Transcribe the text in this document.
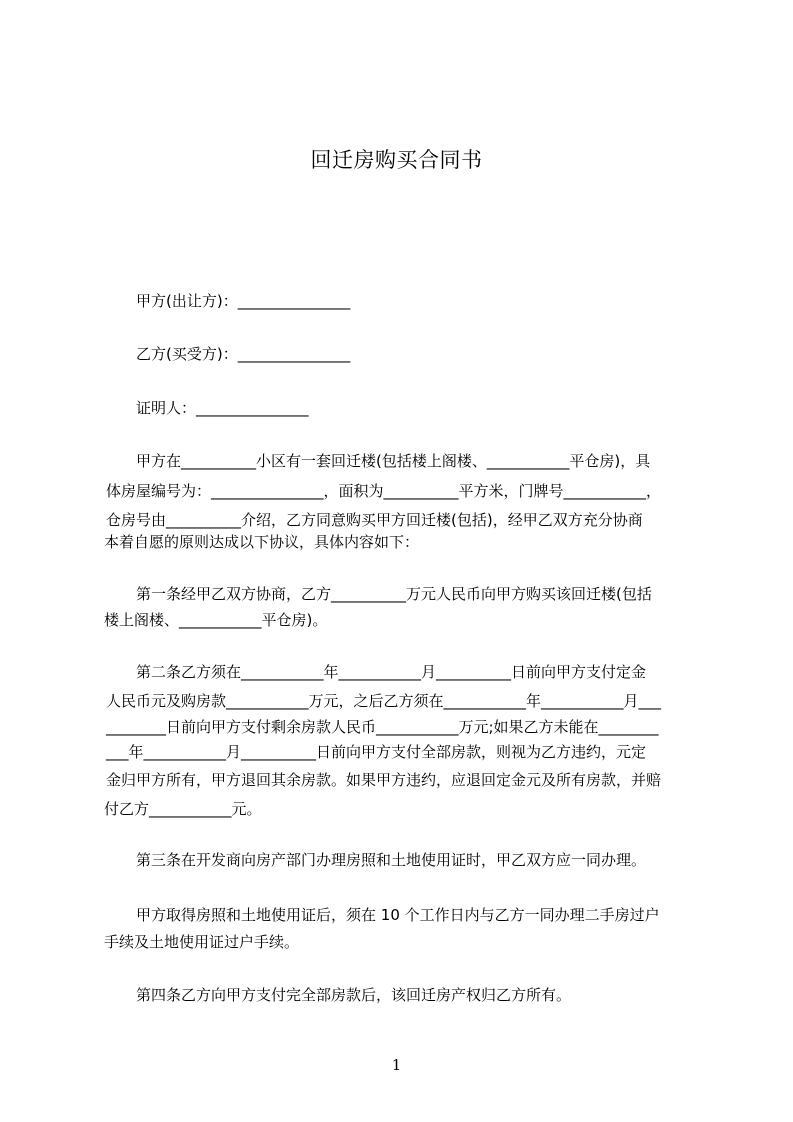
回迁房购买合同书
甲方(出让方)：_______________
乙方(买受方)：_______________
证明人：_______________
甲方在__________小区有一套回迁楼(包括楼上阁楼、___________平仓房)，具
体房屋编号为：_______________，面积为__________平方米，门牌号___________，
仓房号由__________介绍，乙方同意购买甲方回迁楼(包括)，经甲乙双方充分协商
本着自愿的原则达成以下协议，具体内容如下：
第一条经甲乙双方协商，乙方__________万元人民币向甲方购买该回迁楼(包括
楼上阁楼、___________平仓房)。
第二条乙方须在___________年___________月__________日前向甲方支付定金
人民币元及购房款___________万元，之后乙方须在___________年___________月___
________日前向甲方支付剩余房款人民币___________万元;如果乙方未能在________
___年___________月__________日前向甲方支付全部房款，则视为乙方违约，元定
金归甲方所有，甲方退回其余房款。如果甲方违约，应退回定金元及所有房款，并赔
付乙方___________元。
第三条在开发商向房产部门办理房照和土地使用证时，甲乙双方应一同办理。
甲方取得房照和土地使用证后，须在 10 个工作日内与乙方一同办理二手房过户
手续及土地使用证过户手续。
第四条乙方向甲方支付完全部房款后，该回迁房产权归乙方所有。
1
